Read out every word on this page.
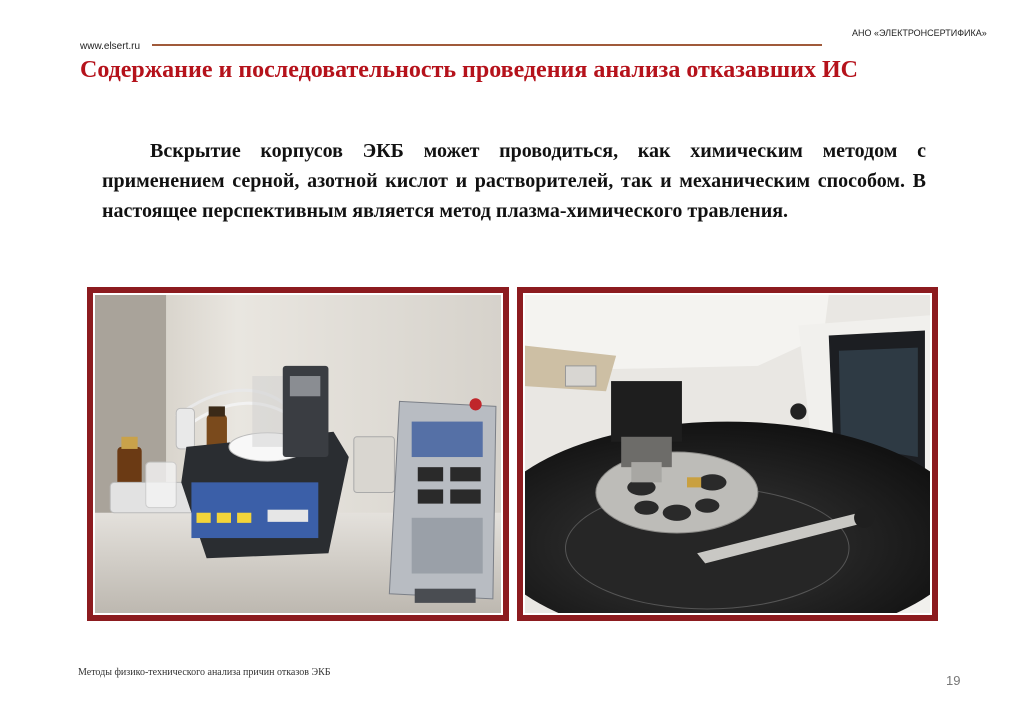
АНО «ЭЛЕКТРОНСЕРТИФИКА»
www.elsert.ru
Содержание и последовательность проведения анализа отказавших ИС
Вскрытие корпусов ЭКБ может проводиться, как химическим методом с применением серной, азотной кислот и растворителей, так и механическим способом. В настоящее перспективным является метод плазма-химического травления.
Методы физико-технического анализа причин отказов ЭКБ
19
